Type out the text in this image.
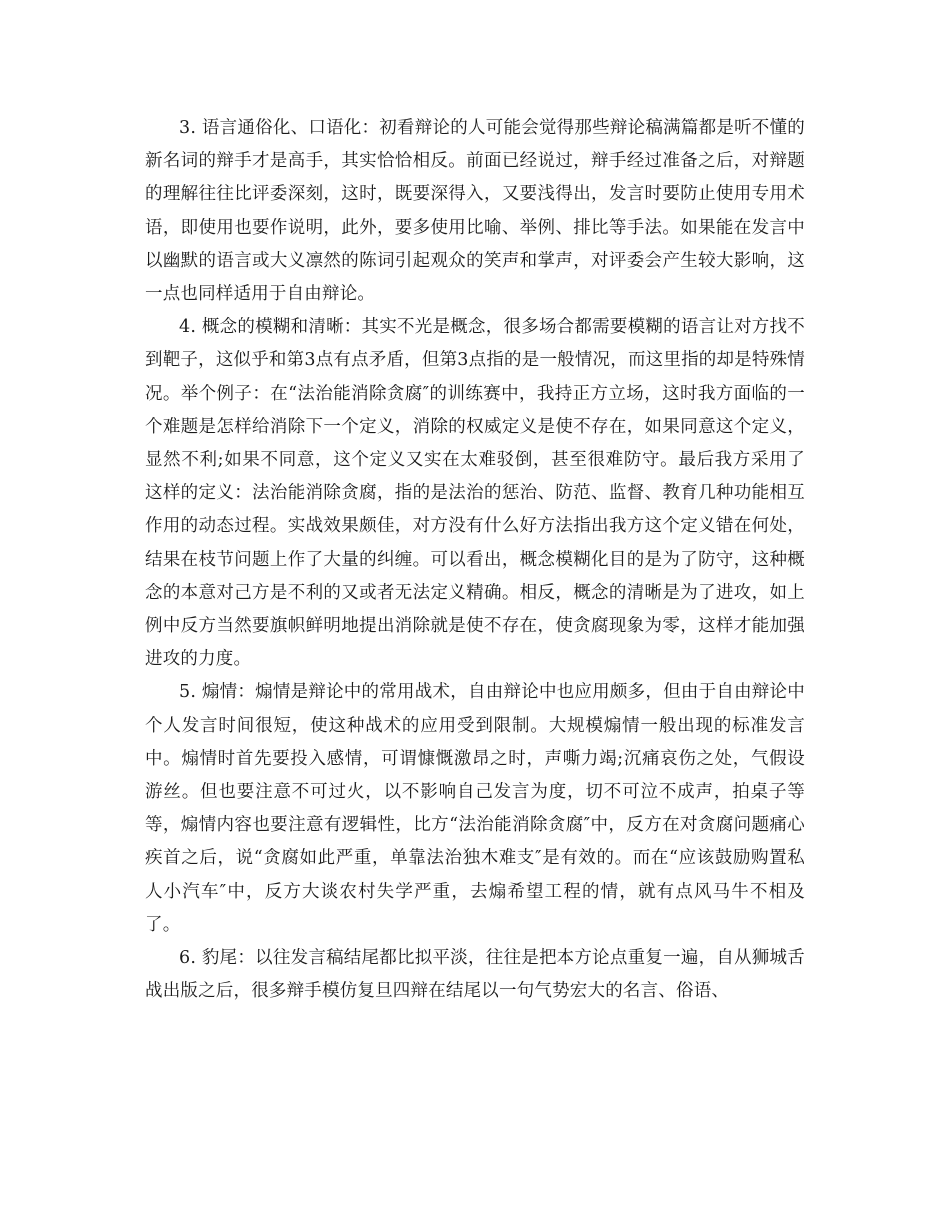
3. 语言通俗化、口语化：初看辩论的人可能会觉得那些辩论稿满篇都是听不懂的新名词的辩手才是高手，其实恰恰相反。前面已经说过，辩手经过准备之后，对辩题的理解往往比评委深刻，这时，既要深得入，又要浅得出，发言时要防止使用专用术语，即使用也要作说明，此外，要多使用比喻、举例、排比等手法。如果能在发言中以幽默的语言或大义凛然的陈词引起观众的笑声和掌声，对评委会产生较大影响，这一点也同样适用于自由辩论。

4. 概念的模糊和清晰：其实不光是概念，很多场合都需要模糊的语言让对方找不到靶子，这似乎和第3点有点矛盾，但第3点指的是一般情况，而这里指的却是特殊情况。举个例子：在“法治能消除贪腐″的训练赛中，我持正方立场，这时我方面临的一个难题是怎样给消除下一个定义，消除的权威定义是使不存在，如果同意这个定义，显然不利;如果不同意，这个定义又实在太难驳倒，甚至很难防守。最后我方采用了这样的定义：法治能消除贪腐，指的是法治的惩治、防范、监督、教育几种功能相互作用的动态过程。实战效果颇佳，对方没有什么好方法指出我方这个定义错在何处，结果在枝节问题上作了大量的纠缠。可以看出，概念模糊化目的是为了防守，这种概念的本意对己方是不利的又或者无法定义精确。相反，概念的清晰是为了进攻，如上例中反方当然要旗帜鲜明地提出消除就是使不存在，使贪腐现象为零，这样才能加强进攻的力度。

5. 煽情：煽情是辩论中的常用战术，自由辩论中也应用颇多，但由于自由辩论中个人发言时间很短，使这种战术的应用受到限制。大规模煽情一般出现的标准发言中。煽情时首先要投入感情，可谓慷慨激昂之时，声嘶力竭;沉痛哀伤之处，气假设游丝。但也要注意不可过火，以不影响自己发言为度，切不可泣不成声，拍桌子等等，煽情内容也要注意有逻辑性，比方“法治能消除贪腐″中，反方在对贪腐问题痛心疾首之后，说“贪腐如此严重，单靠法治独木难支″是有效的。而在“应该鼓励购置私人小汽车″中，反方大谈农村失学严重，去煽希望工程的情，就有点风马牛不相及了。

6. 豹尾：以往发言稿结尾都比拟平淡，往往是把本方论点重复一遍，自从狮城舌战出版之后，很多辩手模仿复旦四辩在结尾以一句气势宏大的名言、俗语、
